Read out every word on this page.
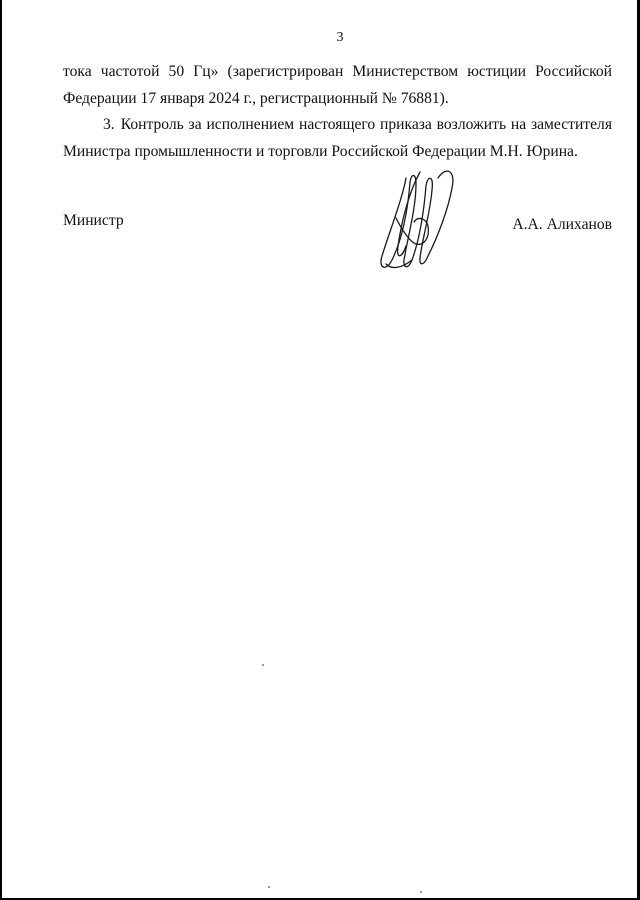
3
тока частотой 50 Гц» (зарегистрирован Министерством юстиции Российской Федерации 17 января 2024 г., регистрационный № 76881).
3. Контроль за исполнением настоящего приказа возложить на заместителя Министра промышленности и торговли Российской Федерации М.Н. Юрина.
Министр	А.А. Алиханов
